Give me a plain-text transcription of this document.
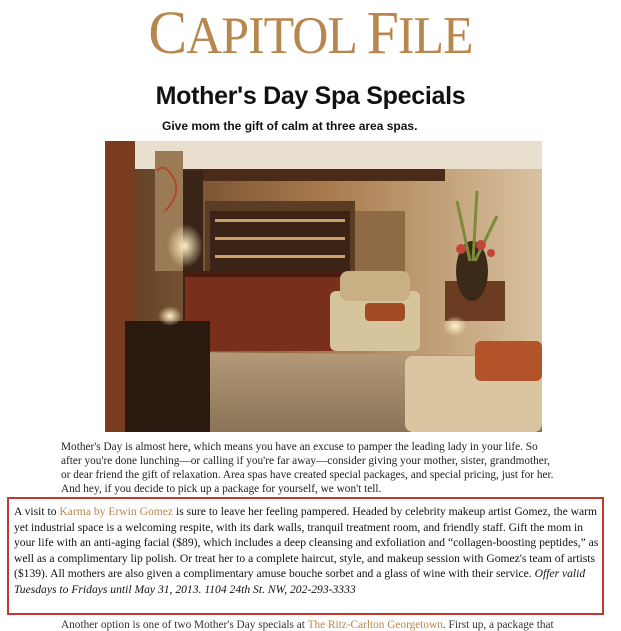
CAPITOL FILE
Mother's Day Spa Specials
Give mom the gift of calm at three area spas.
Mother's Day is almost here, which means you have an excuse to pamper the leading lady in your life. So after you're done lunching—or calling if you're far away—consider giving your mother, sister, grandmother, or dear friend the gift of relaxation. Area spas have created special packages, and special pricing, just for her. And hey, if you decide to pick up a package for yourself, we won't tell.
A visit to Karma by Erwin Gomez is sure to leave her feeling pampered. Headed by celebrity makeup artist Gomez, the warm yet industrial space is a welcoming respite, with its dark walls, tranquil treatment room, and friendly staff. Gift the mom in your life with an anti-aging facial ($89), which includes a deep cleansing and exfoliation and “collagen-boosting peptides,” as well as a complimentary lip polish. Or treat her to a complete haircut, style, and makeup session with Gomez's team of artists ($139). All mothers are also given a complimentary amuse bouche sorbet and a glass of wine with their service. Offer valid Tuesdays to Fridays until May 31, 2013. 1104 24th St. NW, 202-293-3333
Another option is one of two Mother's Day specials at The Ritz-Carlton Georgetown. First up, a package that
